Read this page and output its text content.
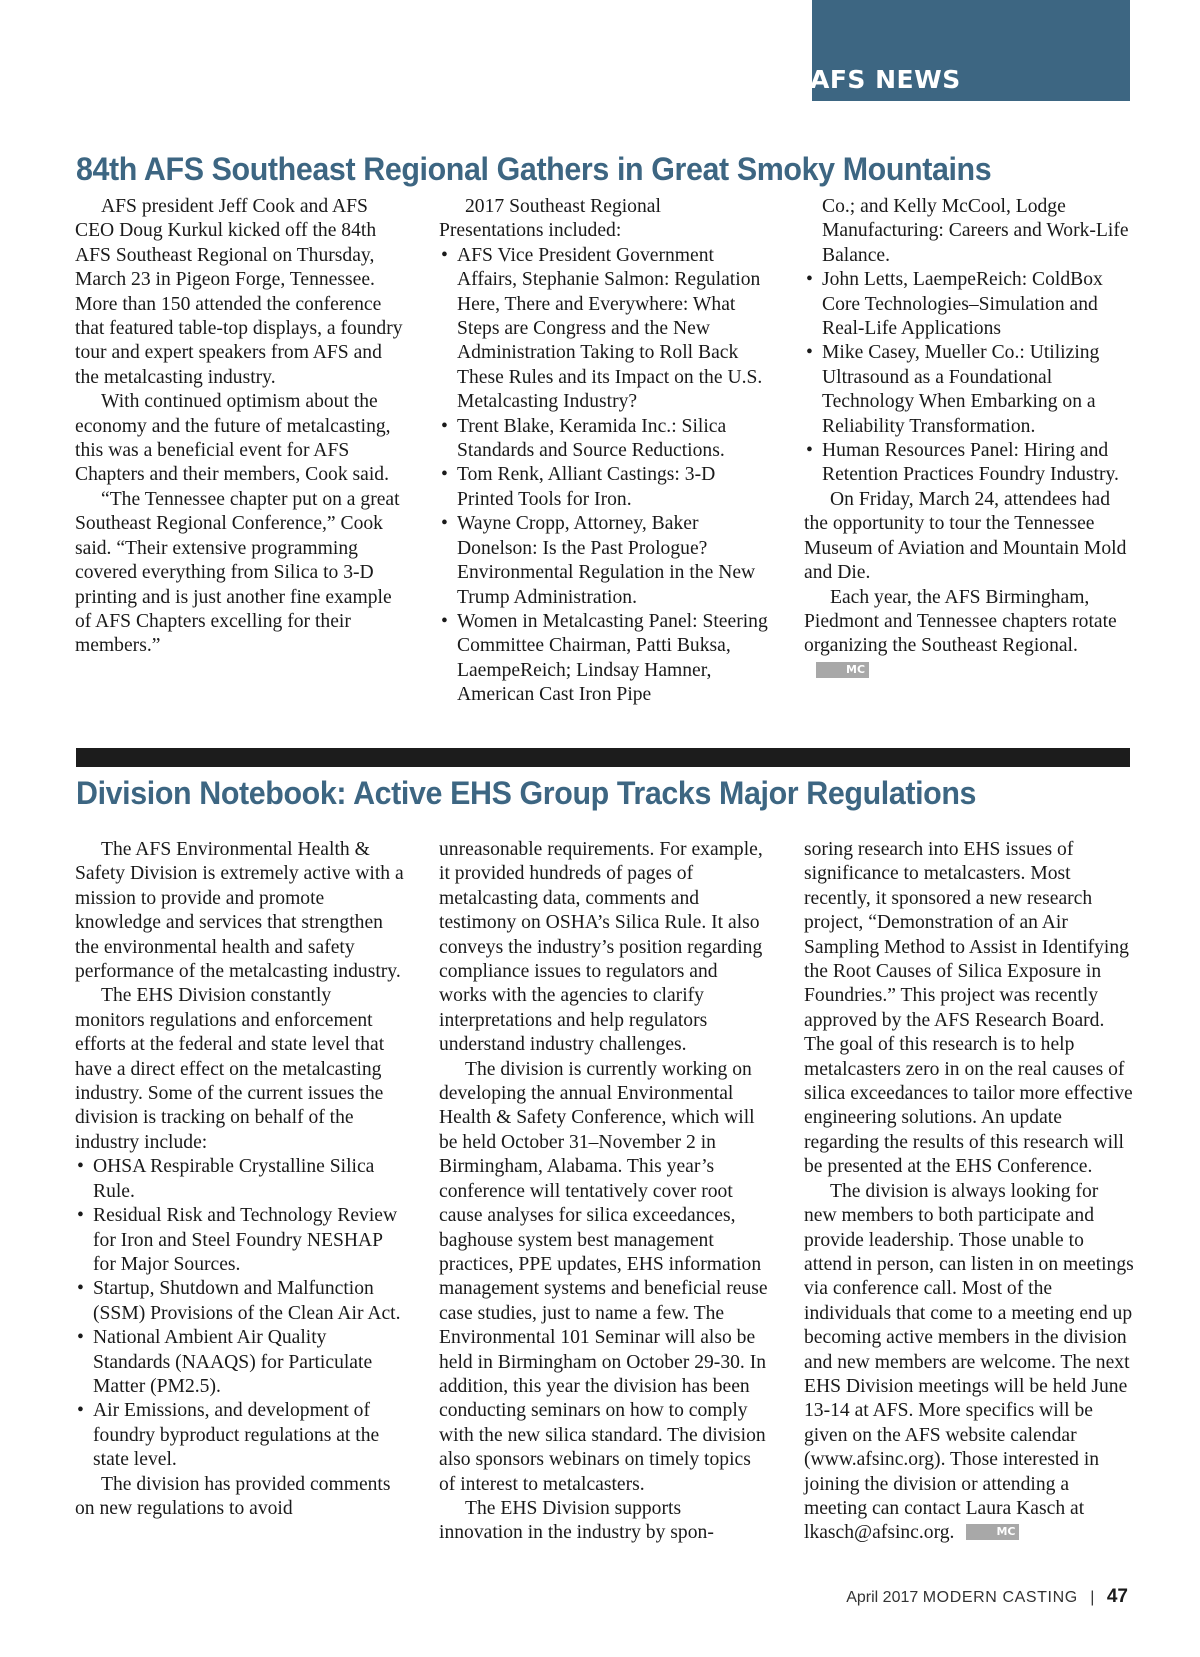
AFS NEWS
84th AFS Southeast Regional Gathers in Great Smoky Mountains

AFS president Jeff Cook and AFS CEO Doug Kurkul kicked off the 84th AFS Southeast Regional on Thursday, March 23 in Pigeon Forge, Tennessee. More than 150 attended the conference that featured table-top displays, a foundry tour and expert speakers from AFS and the metalcasting industry.

With continued optimism about the economy and the future of metalcasting, this was a beneficial event for AFS Chapters and their members, Cook said.

“The Tennessee chapter put on a great Southeast Regional Conference,” Cook said. “Their extensive programming covered everything from Silica to 3-D printing and is just another fine example of AFS Chapters excelling for their members.”

2017 Southeast Regional Presentations included:

• AFS Vice President Government Affairs, Stephanie Salmon: Regulation Here, There and Everywhere: What Steps are Congress and the New Administration Taking to Roll Back These Rules and its Impact on the U.S. Metalcasting Industry?
• Trent Blake, Keramida Inc.: Silica Standards and Source Reductions.
• Tom Renk, Alliant Castings: 3-D Printed Tools for Iron.
• Wayne Cropp, Attorney, Baker Donelson: Is the Past Prologue? Environmental Regulation in the New Trump Administration.
• Women in Metalcasting Panel: Steering Committee Chairman, Patti Buksa, LaempeReich; Lindsay Hamner, American Cast Iron Pipe

Co.; and Kelly McCool, Lodge Manufacturing: Careers and Work-Life Balance.

• John Letts, LaempeReich: ColdBox Core Technologies–Simulation and Real-Life Applications
• Mike Casey, Mueller Co.: Utilizing Ultrasound as a Foundational Technology When Embarking on a Reliability Transformation.
• Human Resources Panel: Hiring and Retention Practices Foundry Industry.

On Friday, March 24, attendees had the opportunity to tour the Tennessee Museum of Aviation and Mountain Mold and Die.

Each year, the AFS Birmingham, Piedmont and Tennessee chapters rotate organizing the Southeast Regional.MC

Division Notebook: Active EHS Group Tracks Major Regulations

The AFS Environmental Health & Safety Division is extremely active with a mission to provide and promote knowledge and services that strengthen the environmental health and safety performance of the metalcasting industry.

The EHS Division constantly monitors regulations and enforcement efforts at the federal and state level that have a direct effect on the metalcasting industry. Some of the current issues the division is tracking on behalf of the industry include:

• OHSA Respirable Crystalline Silica Rule.
• Residual Risk and Technology Review for Iron and Steel Foundry NESHAP for Major Sources.
• Startup, Shutdown and Malfunction (SSM) Provisions of the Clean Air Act.
• National Ambient Air Quality Standards (NAAQS) for Particulate Matter (PM2.5).
• Air Emissions, and development of foundry byproduct regulations at the state level.

The division has provided comments on new regulations to avoid

unreasonable requirements. For example, it provided hundreds of pages of metalcasting data, comments and testimony on OSHA’s Silica Rule. It also conveys the industry’s position regarding compliance issues to regulators and works with the agencies to clarify interpretations and help regulators understand industry challenges.

The division is currently working on developing the annual Environmental Health & Safety Conference, which will be held October 31–November 2 in Birmingham, Alabama. This year’s conference will tentatively cover root cause analyses for silica exceedances, baghouse system best management practices, PPE updates, EHS information management systems and beneficial reuse case studies, just to name a few. The Environmental 101 Seminar will also be held in Birmingham on October 29-30. In addition, this year the division has been conducting seminars on how to comply with the new silica standard. The division also sponsors webinars on timely topics of interest to metalcasters.

The EHS Division supports innovation in the industry by spon-

soring research into EHS issues of significance to metalcasters. Most recently, it sponsored a new research project, “Demonstration of an Air Sampling Method to Assist in Identifying the Root Causes of Silica Exposure in Foundries.” This project was recently approved by the AFS Research Board. The goal of this research is to help metalcasters zero in on the real causes of silica exceedances to tailor more effective engineering solutions. An update regarding the results of this research will be presented at the EHS Conference.

The division is always looking for new members to both participate and provide leadership. Those unable to attend in person, can listen in on meetings via conference call. Most of the individuals that come to a meeting end up becoming active members in the division and new members are welcome. The next EHS Division meetings will be held June 13-14 at AFS. More specifics will be given on the AFS website calendar (www.afsinc.org). Those interested in joining the division or attending a meeting can contact Laura Kasch at lkasch@afsinc.org.	MC

April 2017 MODERN CASTING | 47
